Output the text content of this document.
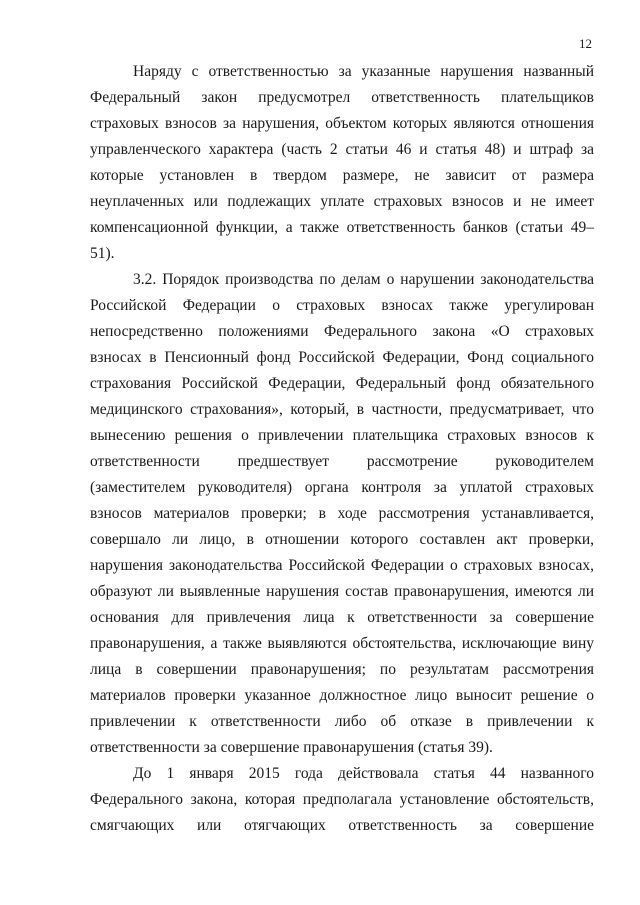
12
Наряду с ответственностью за указанные нарушения названный
Федеральный закон предусмотрел ответственность плательщиков
страховых взносов за нарушения, объектом которых являются отношения
управленческого характера (часть 2 статьи 46 и статья 48) и штраф за
которые установлен в твердом размере, не зависит от размера
неуплаченных или подлежащих уплате страховых взносов и не имеет
компенсационной функции, а также ответственность банков (статьи 49–
51).
3.2. Порядок производства по делам о нарушении законодательства
Российской Федерации о страховых взносах также урегулирован
непосредственно положениями Федерального закона «О страховых
взносах в Пенсионный фонд Российской Федерации, Фонд социального
страхования Российской Федерации, Федеральный фонд обязательного
медицинского страхования», который, в частности, предусматривает, что
вынесению решения о привлечении плательщика страховых взносов к
ответственности предшествует рассмотрение руководителем
(заместителем руководителя) органа контроля за уплатой страховых
взносов материалов проверки; в ходе рассмотрения устанавливается,
совершало ли лицо, в отношении которого составлен акт проверки,
нарушения законодательства Российской Федерации о страховых взносах,
образуют ли выявленные нарушения состав правонарушения, имеются ли
основания для привлечения лица к ответственности за совершение
правонарушения, а также выявляются обстоятельства, исключающие вину
лица в совершении правонарушения; по результатам рассмотрения
материалов проверки указанное должностное лицо выносит решение о
привлечении к ответственности либо об отказе в привлечении к
ответственности за совершение правонарушения (статья 39).
До 1 января 2015 года действовала статья 44 названного
Федерального закона, которая предполагала установление обстоятельств,
смягчающих или отягчающих ответственность за совершение
